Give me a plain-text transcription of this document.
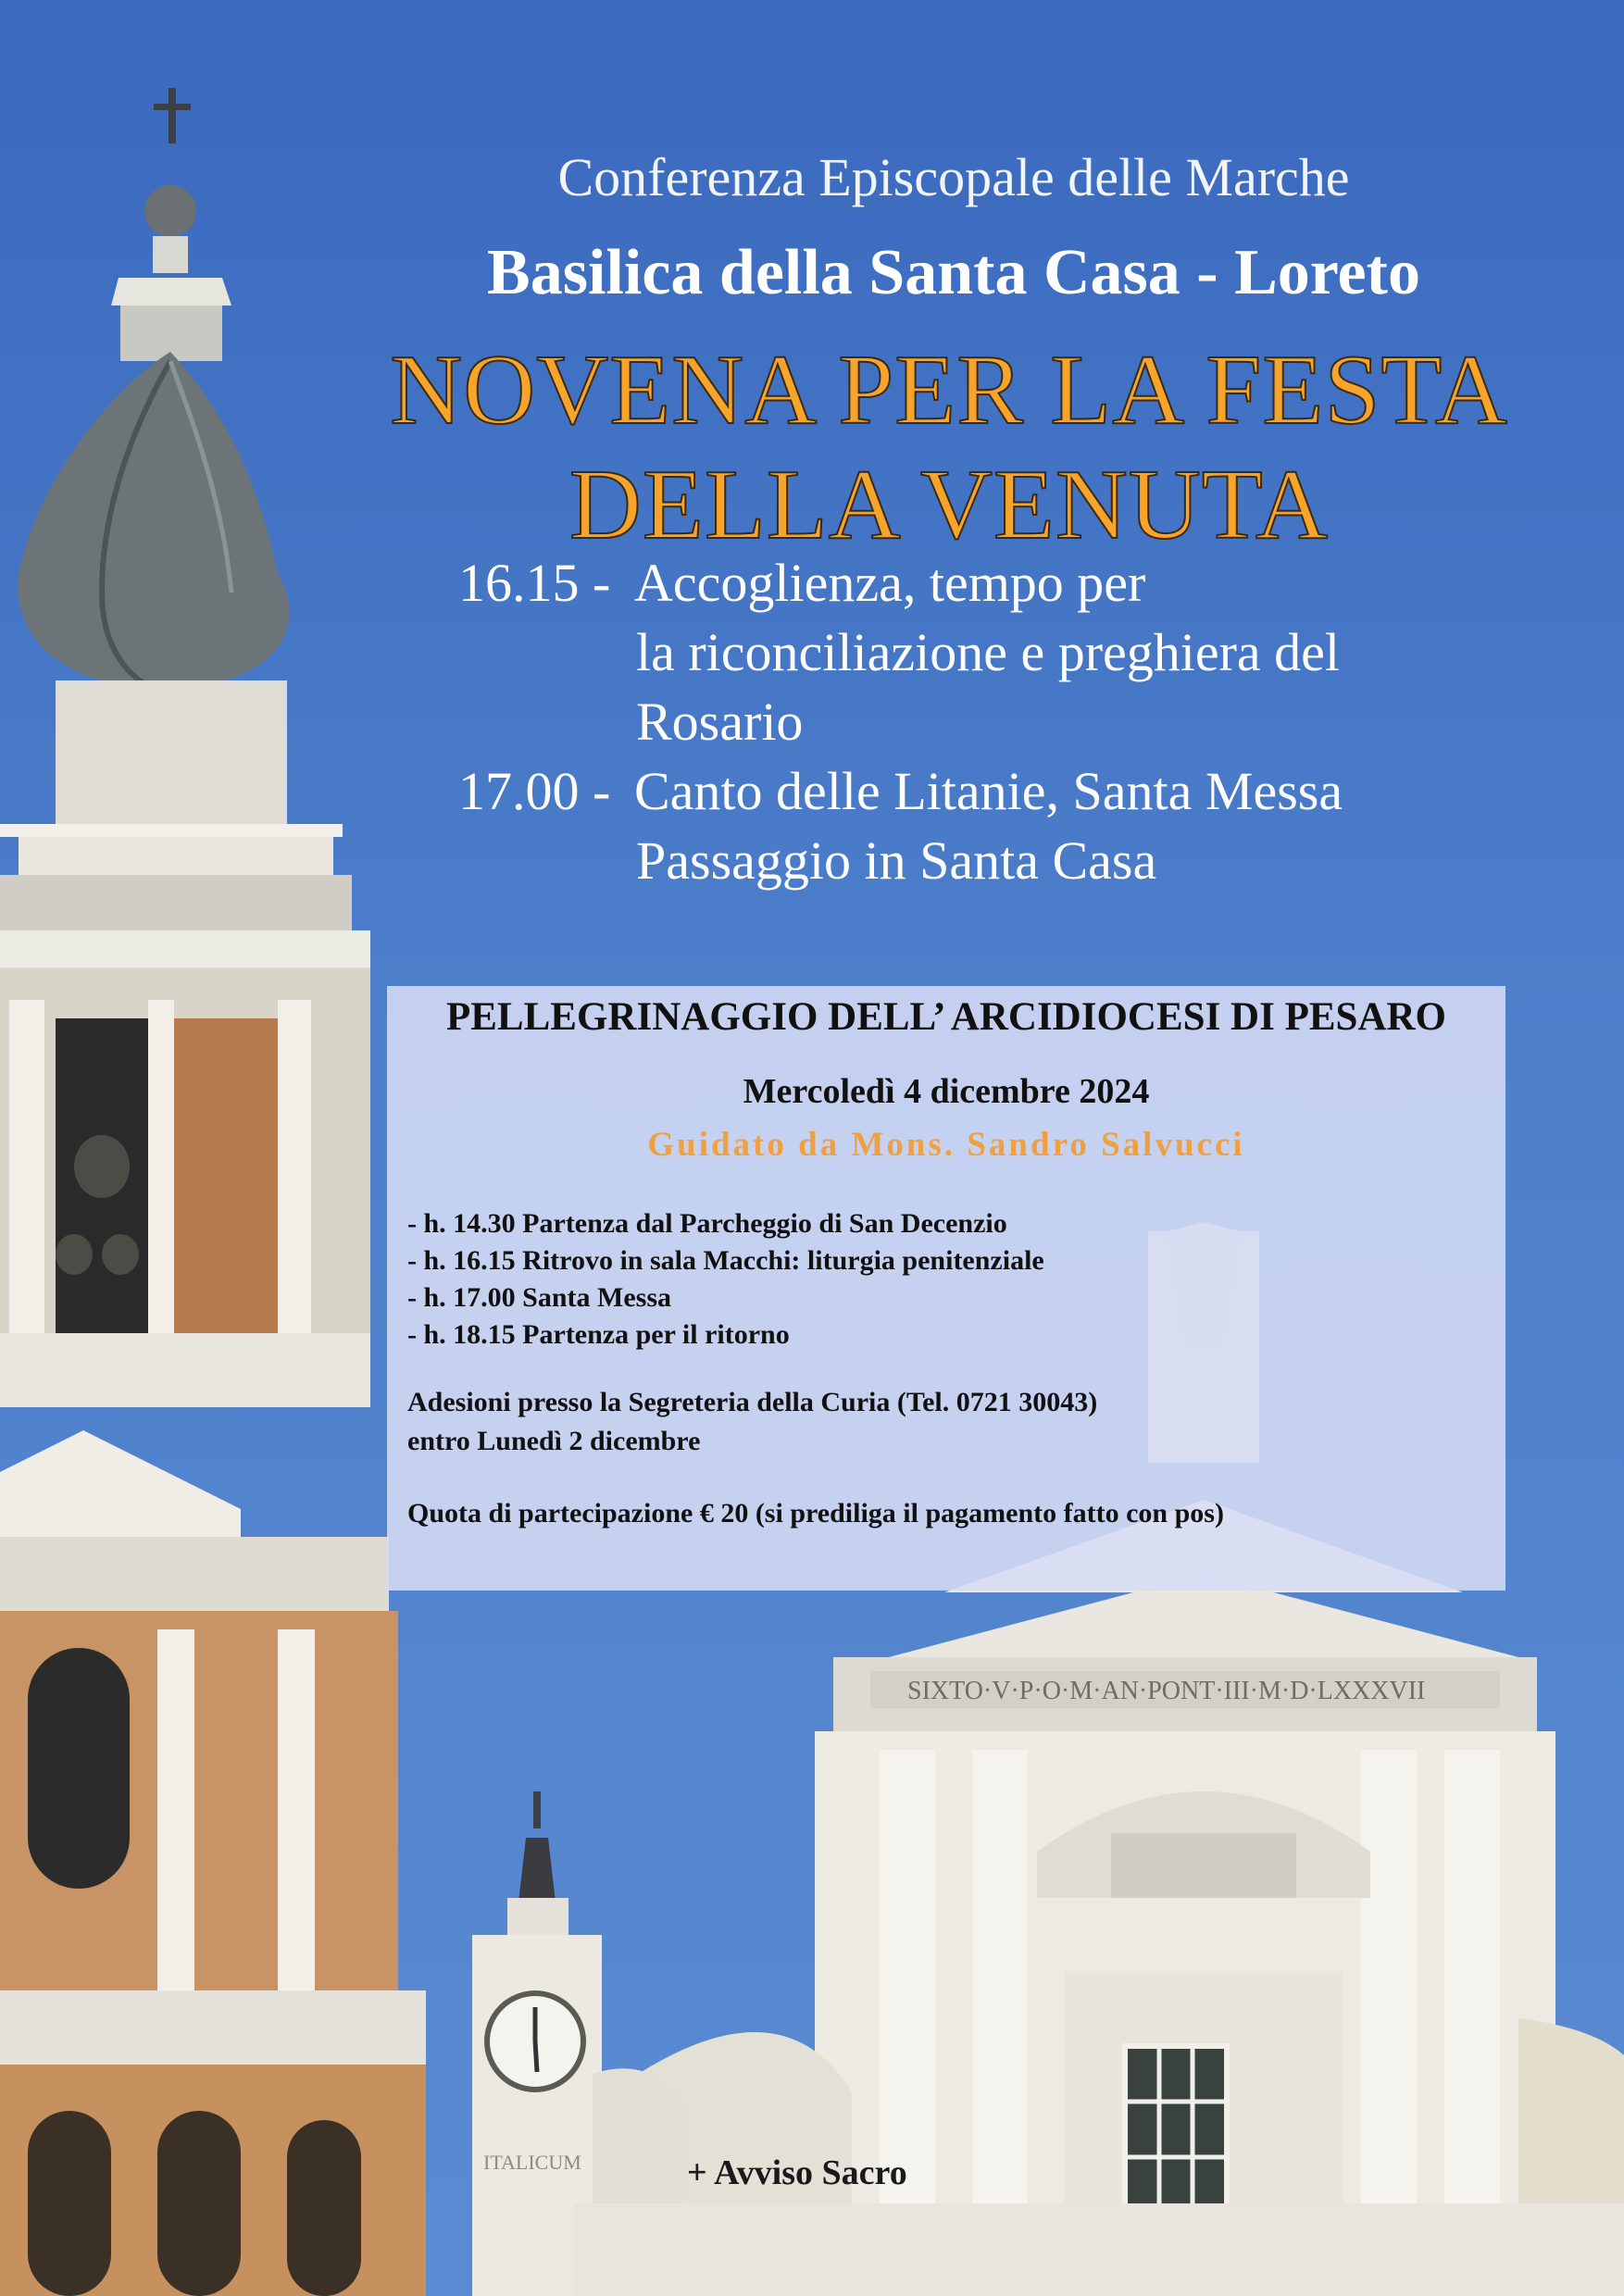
ITALICUM
SIXTO·V·P·O·M·AN·PONT·III·M·D·LXXXVII
Conferenza Episcopale delle Marche
Basilica della Santa Casa - Loreto
NOVENA PER LA FESTA
DELLA VENUTA
16.15 - Accoglienza, tempo per
la riconciliazione e preghiera del
Rosario
17.00 - Canto delle Litanie, Santa Messa
Passaggio in Santa Casa
PELLEGRINAGGIO DELL’ ARCIDIOCESI DI PESARO
Mercoledì 4 dicembre 2024
Guidato da Mons. Sandro Salvucci
- h. 14.30 Partenza dal Parcheggio di San Decenzio
- h. 16.15 Ritrovo in sala Macchi: liturgia penitenziale
- h. 17.00 Santa Messa
- h. 18.15 Partenza per il ritorno
Adesioni presso la Segreteria della Curia (Tel. 0721 30043)
entro Lunedì 2 dicembre
Quota di partecipazione € 20 (si prediliga il pagamento fatto con pos)
+ Avviso Sacro
